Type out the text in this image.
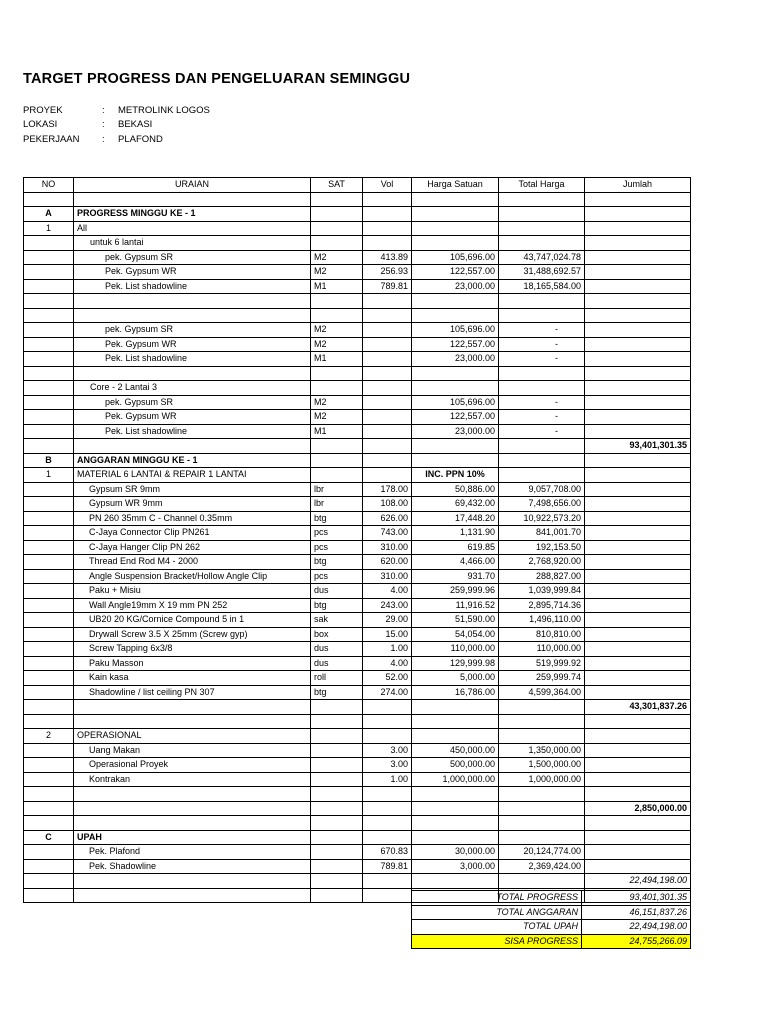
TARGET PROGRESS DAN PENGELUARAN SEMINGGU
PROYEK	:	METROLINK LOGOS
LOKASI	:	BEKASI
PEKERJAAN	:	PLAFOND
NO	URAIAN	SAT	Vol	Harga Satuan	Total Harga	Jumlah

A	PROGRESS MINGGU KE - 1					
1	All					
	untuk 6 lantai					
	pek. Gypsum SR	M2	413.89	105,696.00	43,747,024.78	
	Pek. Gypsum WR	M2	256.93	122,557.00	31,488,692.57	
	Pek. List shadowline	M1	789.81	23,000.00	18,165,584.00	

	pek. Gypsum SR	M2		105,696.00	-	
	Pek. Gypsum WR	M2		122,557.00	-	
	Pek. List shadowline	M1		23,000.00	-	

	Core - 2 Lantai 3					
	pek. Gypsum SR	M2		105,696.00	-	
	Pek. Gypsum WR	M2		122,557.00	-	
	Pek. List shadowline	M1		23,000.00	-	
						93,401,301.35
B	ANGGARAN MINGGU KE - 1					
1	MATERIAL 6 LANTAI & REPAIR 1 LANTAI			INC. PPN 10%		
	Gypsum SR 9mm	lbr	178.00	50,886.00	9,057,708.00	
	Gypsum WR 9mm	lbr	108.00	69,432.00	7,498,656.00	
	PN 260 35mm C - Channel 0.35mm	btg	626.00	17,448.20	10,922,573.20	
	C-Jaya Connector Clip PN261	pcs	743.00	1,131.90	841,001.70	
	C-Jaya Hanger Clip PN 262	pcs	310.00	619.85	192,153.50	
	Thread End Rod M4 - 2000	btg	620.00	4,466.00	2,768,920.00	
	Angle Suspension Bracket/Hollow Angle Clip	pcs	310.00	931.70	288,827.00	
	Paku + Misiu	dus	4.00	259,999.96	1,039,999.84	
	Wall Angle19mm X 19 mm PN 252	btg	243.00	11,916.52	2,895,714.36	
	UB20 20 KG/Cornice Compound 5 in 1	sak	29.00	51,590.00	1,496,110.00	
	Drywall Screw 3.5 X 25mm (Screw gyp)	box	15.00	54,054.00	810,810.00	
	Screw Tapping 6x3/8	dus	1.00	110,000.00	110,000.00	
	Paku Masson	dus	4.00	129,999.98	519,999.92	
	Kain kasa	roll	52.00	5,000.00	259,999.74	
	Shadowline / list ceiling PN 307	btg	274.00	16,786.00	4,599,364.00	
						43,301,837.26

2	OPERASIONAL					
	Uang Makan		3.00	450,000.00	1,350,000.00	
	Operasional Proyek		3.00	500,000.00	1,500,000.00	
	Kontrakan		1.00	1,000,000.00	1,000,000.00	

						2,850,000.00

C	UPAH					
	Pek. Plafond		670.83	30,000.00	20,124,774.00	
	Pek. Shadowline		789.81	3,000.00	2,369,424.00	
						22,494,198.00

TOTAL PROGRESS	93,401,301.35
TOTAL ANGGARAN	46,151,837.26
TOTAL UPAH	22,494,198.00
SISA PROGRESS	24,755,266.09
